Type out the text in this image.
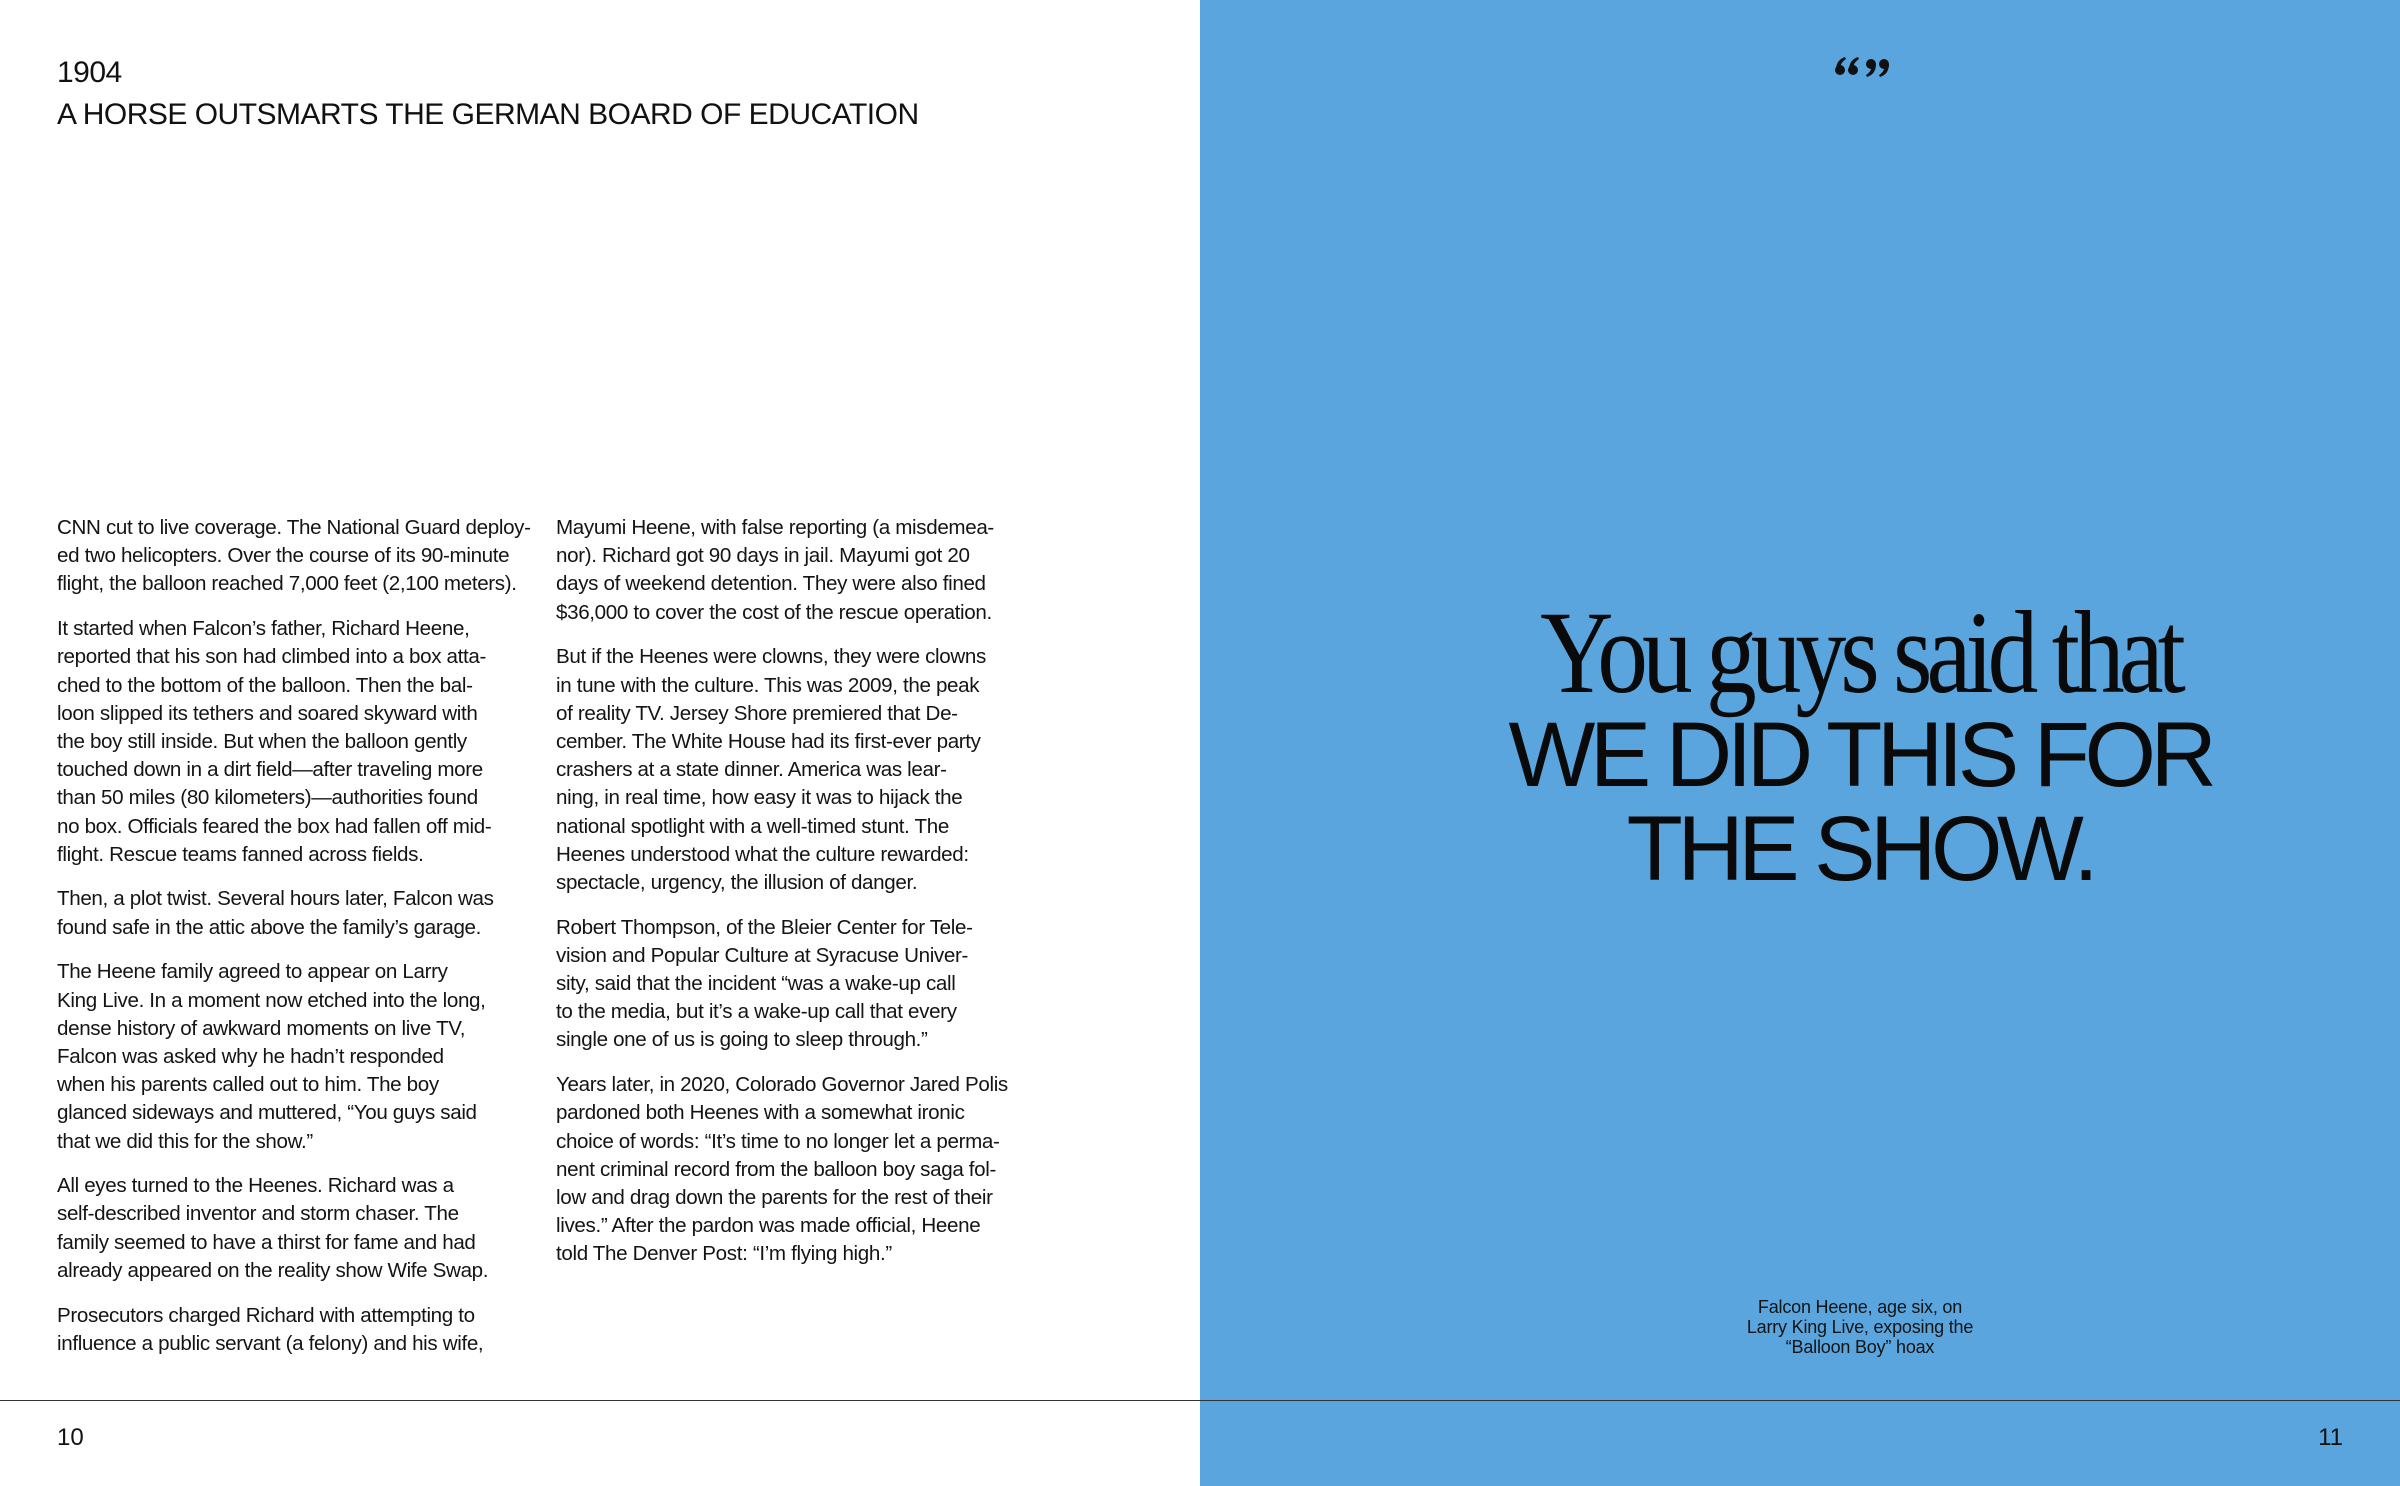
1904
A HORSE OUTSMARTS THE GERMAN BOARD OF EDUCATION

CNN cut to live coverage. The National Guard deploy-
ed two helicopters. Over the course of its 90-minute
flight, the balloon reached 7,000 feet (2,100 meters).

It started when Falcon’s father, Richard Heene,
reported that his son had climbed into a box atta-
ched to the bottom of the balloon. Then the bal-
loon slipped its tethers and soared skyward with
the boy still inside. But when the balloon gently
touched down in a dirt field—after traveling more
than 50 miles (80 kilometers)—authorities found
no box. Officials feared the box had fallen off mid-
flight. Rescue teams fanned across fields.

Then, a plot twist. Several hours later, Falcon was
found safe in the attic above the family’s garage.

The Heene family agreed to appear on Larry
King Live. In a moment now etched into the long,
dense history of awkward moments on live TV,
Falcon was asked why he hadn’t responded
when his parents called out to him. The boy
glanced sideways and muttered, “You guys said
that we did this for the show.”

All eyes turned to the Heenes. Richard was a
self-described inventor and storm chaser. The
family seemed to have a thirst for fame and had
already appeared on the reality show Wife Swap.

Prosecutors charged Richard with attempting to
influence a public servant (a felony) and his wife,

Mayumi Heene, with false reporting (a misdemea-
nor). Richard got 90 days in jail. Mayumi got 20
days of weekend detention. They were also fined
$36,000 to cover the cost of the rescue operation.

But if the Heenes were clowns, they were clowns
in tune with the culture. This was 2009, the peak
of reality TV. Jersey Shore premiered that De-
cember. The White House had its first-ever party
crashers at a state dinner. America was lear-
ning, in real time, how easy it was to hijack the
national spotlight with a well-timed stunt. The
Heenes understood what the culture rewarded:
spectacle, urgency, the illusion of danger.

Robert Thompson, of the Bleier Center for Tele-
vision and Popular Culture at Syracuse Univer-
sity, said that the incident “was a wake-up call
to the media, but it’s a wake-up call that every
single one of us is going to sleep through.”

Years later, in 2020, Colorado Governor Jared Polis
pardoned both Heenes with a somewhat ironic
choice of words: “It’s time to no longer let a perma-
nent criminal record from the balloon boy saga fol-
low and drag down the parents for the rest of their
lives.” After the pardon was made official, Heene
told The Denver Post: “I’m flying high.”

10	11
You guys said that
WE DID THIS FOR
THE SHOW.
Falcon Heene, age six, on
Larry King Live, exposing the
“Balloon Boy” hoax
